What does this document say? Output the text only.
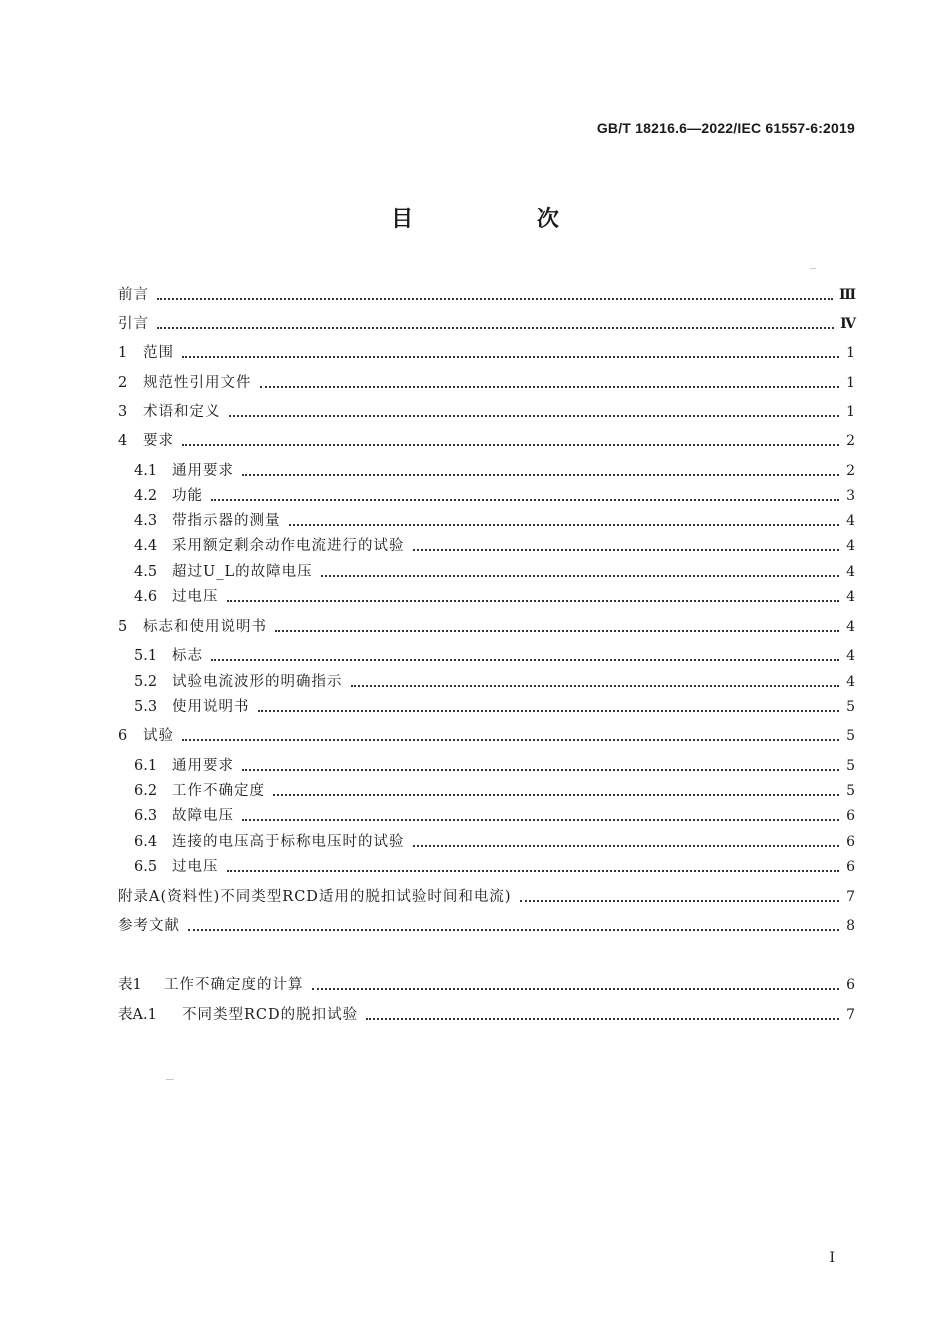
GB/T 18216.6—2022/IEC 61557-6:2019
目 次
前言	Ⅲ
引言	Ⅳ
1	范围	1
2	规范性引用文件	1
3	术语和定义	1
4	要求	2
4.1	通用要求	2
4.2	功能	3
4.3	带指示器的测量	4
4.4	采用额定剩余动作电流进行的试验	4
4.5	超过U_L的故障电压	4
4.6	过电压	4
5	标志和使用说明书	4
5.1	标志	4
5.2	试验电流波形的明确指示	4
5.3	使用说明书	5
6	试验	5
6.1	通用要求	5
6.2	工作不确定度	5
6.3	故障电压	6
6.4	连接的电压高于标称电压时的试验	6
6.5	过电压	6
附录A(资料性)不同类型RCD适用的脱扣试验时间和电流)	7
参考文献	8
表1	工作不确定度的计算	6
表A.1	不同类型RCD的脱扣试验	7
I
